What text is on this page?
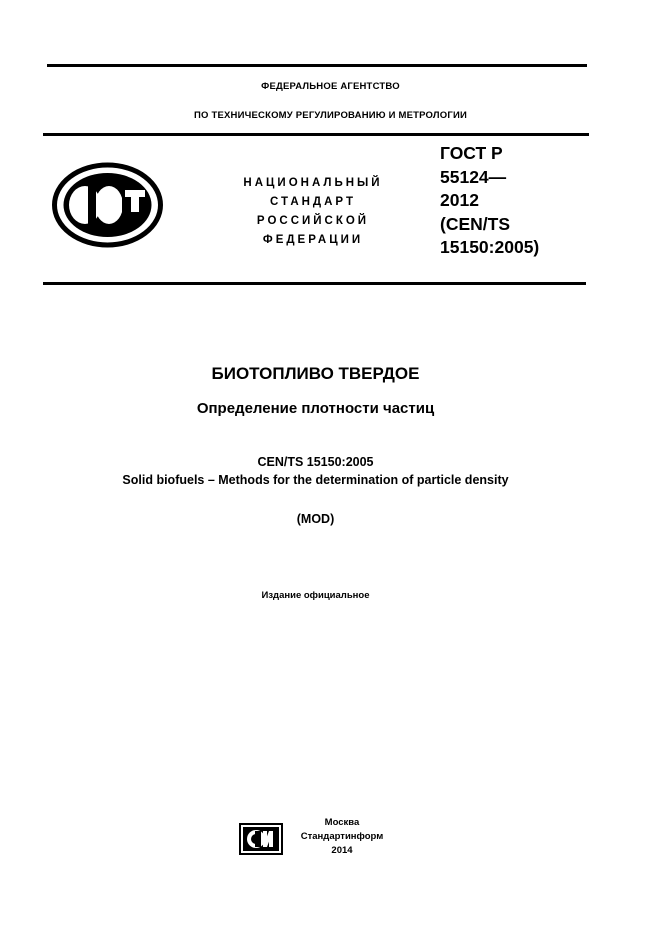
ФЕДЕРАЛЬНОЕ АГЕНТСТВО
ПО ТЕХНИЧЕСКОМУ РЕГУЛИРОВАНИЮ И МЕТРОЛОГИИ
НАЦИОНАЛЬНЫЙ
СТАНДАРТ
РОССИЙСКОЙ
ФЕДЕРАЦИИ
ГОСТ Р
55124—
2012
(CEN/TS
15150:2005)
БИОТОПЛИВО ТВЕРДОЕ
Определение плотности частиц
CEN/TS 15150:2005
Solid biofuels – Methods for the determination of particle density
(MOD)
Издание официальное
Москва
Стандартинформ
2014
